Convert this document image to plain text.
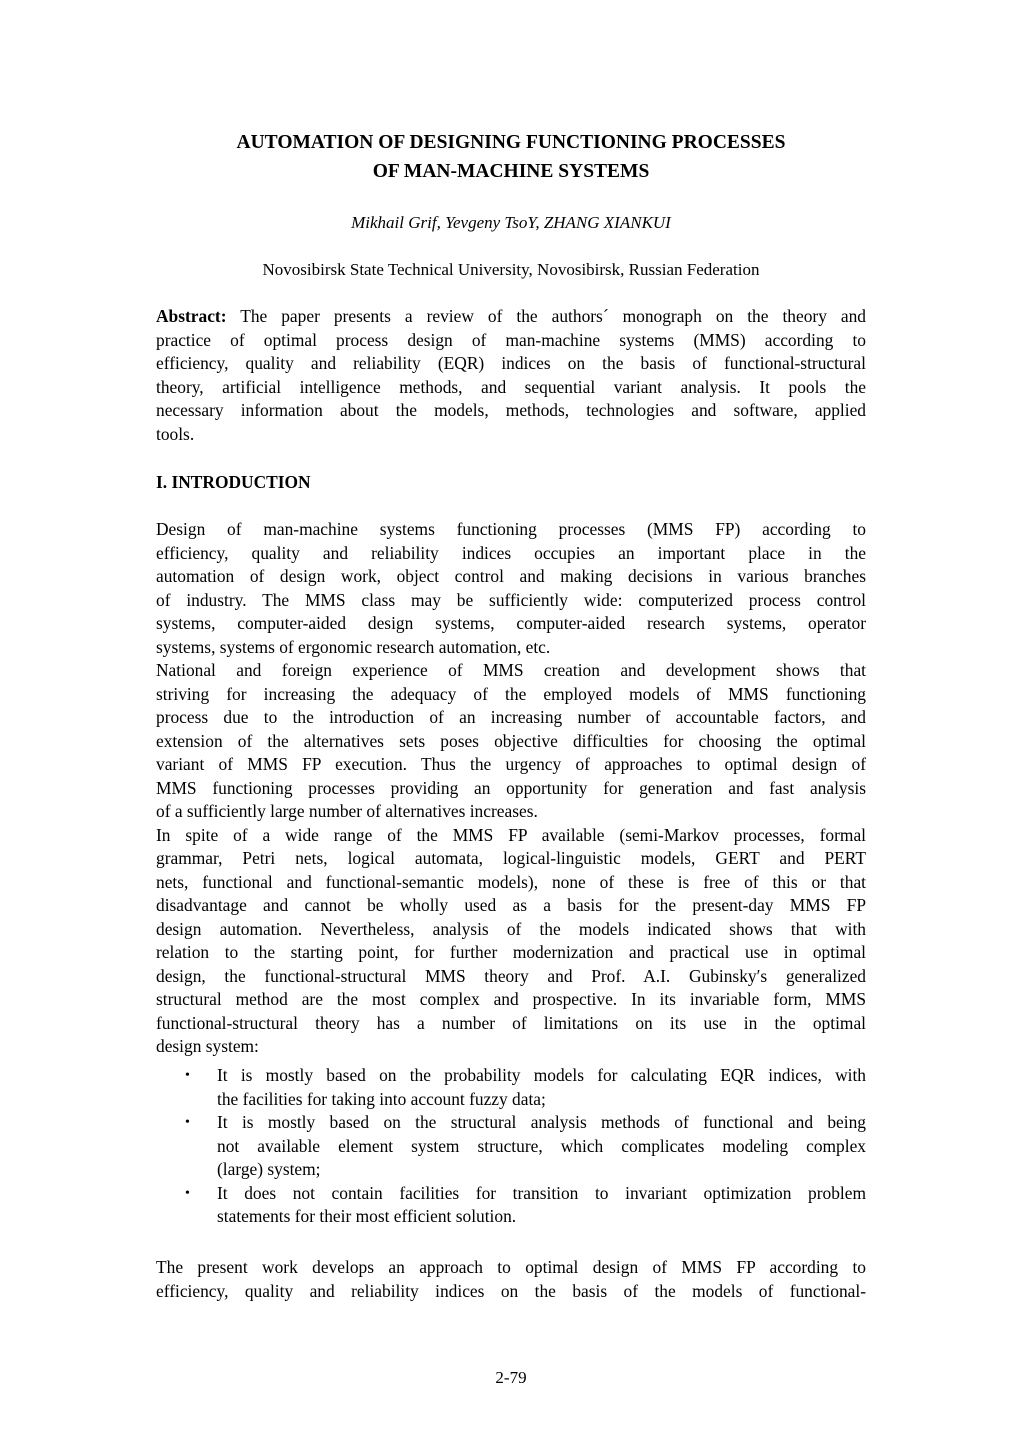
AUTOMATION OF DESIGNING FUNCTIONING PROCESSES
OF MAN-MACHINE SYSTEMS
Mikhail Grif, Yevgeny TsoY, ZHANG XIANKUI
Novosibirsk State Technical University, Novosibirsk, Russian Federation
Abstract: The paper presents a review of the authors´ monograph on the theory and
practice of optimal process design of man-machine systems (MMS) according to
efficiency, quality and reliability (EQR) indices on the basis of functional-structural
theory, artificial intelligence methods, and sequential variant analysis. It pools the
necessary information about the models, methods, technologies and software, applied
tools.
I. INTRODUCTION
Design of man-machine systems functioning processes (MMS FP) according to
efficiency, quality and reliability indices occupies an important place in the
automation of design work, object control and making decisions in various branches
of industry. The MMS class may be sufficiently wide: computerized process control
systems, computer-aided design systems, computer-aided research systems, operator
systems, systems of ergonomic research automation, etc.
National and foreign experience of MMS creation and development shows that
striving for increasing the adequacy of the employed models of MMS functioning
process due to the introduction of an increasing number of accountable factors, and
extension of the alternatives sets poses objective difficulties for choosing the optimal
variant of MMS FP execution. Thus the urgency of approaches to optimal design of
MMS functioning processes providing an opportunity for generation and fast analysis
of a sufficiently large number of alternatives increases.
In spite of a wide range of the MMS FP available (semi-Markov processes, formal
grammar, Petri nets, logical automata, logical-linguistic models, GERT and PERT
nets, functional and functional-semantic models), none of these is free of this or that
disadvantage and cannot be wholly used as a basis for the present-day MMS FP
design automation. Nevertheless, analysis of the models indicated shows that with
relation to the starting point, for further modernization and practical use in optimal
design, the functional-structural MMS theory and Prof. A.I. Gubinsky′s generalized
structural method are the most complex and prospective. In its invariable form, MMS
functional-structural theory has a number of limitations on its use in the optimal
design system:
•	It is mostly based on the probability models for calculating EQR indices, with
the facilities for taking into account fuzzy data;
•	It is mostly based on the structural analysis methods of functional and being
not available element system structure, which complicates modeling complex
(large) system;
•	It does not contain facilities for transition to invariant optimization problem
statements for their most efficient solution.
The present work develops an approach to optimal design of MMS FP according to
efficiency, quality and reliability indices on the basis of the models of functional-
2-79
